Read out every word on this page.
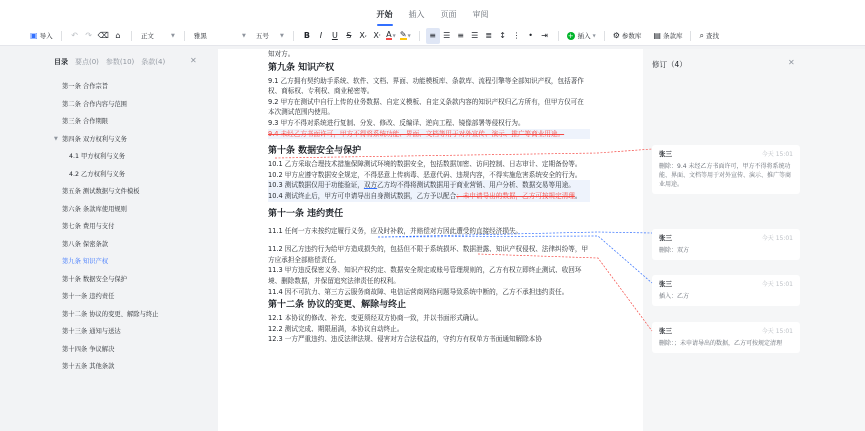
开始	插入	页面	审阅
▣ 导入 ↶ ↷ ⌫ ⌂	正文	▼	雅黑	▼ 五号 ▼ B I U S X ₂ X ² A ▼ ✎ ▼ ≡ ☰ ≡ ☰ ≣ ↕ ⋮ • ⇥	+ 插入 ▼ ⚙ 参数库 ▤ 条款库 ⌕ 查找
目录 要点(0) 参数(10) 条款(4)	✕
第一条 合作宗旨
第二条 合作内容与范围
第三条 合作期限
▼ 第四条 双方权利与义务
4.1 甲方权利与义务
4.2 乙方权利与义务
第五条 测试数据与文件模板
第六条 条款库使用规则
第七条 费用与支付
第八条 保密条款
第九条 知识产权
第十条 数据安全与保护
第十一条 违约责任
第十二条 协议的变更、解除与终止
第十三条 通知与送达
第十四条 争议解决
第十五条 其他条款

知对方。

第九条 知识产权

9.1 乙方拥有契约助手系统、软件、文档、界面、功能模板库、条款库、流程引擎等全部知识产权，包括著作权、商标权、专利权、商业秘密等。

9.2 甲方在测试中自行上传的业务数据、自定义模板、自定义条款内容的知识产权归乙方所有，但甲方仅可在本次测试范围内使用。

9.3 甲方不得对系统进行复制、分发、修改、反编译、逆向工程、镜像部署等侵权行为。

9.4 未经乙方书面许可，甲方不得将系统功能、界面、文档等用于对外宣传、演示、推广等商业用途。

第十条 数据安全与保护

10.1 乙方采取合理技术措施保障测试环境的数据安全，包括数据加密、访问控制、日志审计、定期备份等。

10.2 甲方应遵守数据安全规定，不得恶意上传病毒、恶意代码、违规内容，不得实施危害系统安全的行为。

10.3 测试数据仅用于功能验证，双方乙方均不得将测试数据用于商业营销、用户分析、数据交易等用途。

10.4 测试终止后，甲方可申请导出自身测试数据，乙方予以配合；未申请导出的数据，乙方可按规定清理。

第十一条 违约责任

11.1 任何一方未按约定履行义务，应及时补救，并赔偿对方因此遭受的直接经济损失。

11.2 因乙方违约行为给甲方造成损失的，包括但不限于系统损坏、数据泄露、知识产权侵权、法律纠纷等，甲方应承担全部赔偿责任。

11.3 甲方违反保密义务、知识产权约定、数据安全规定或账号管理规则的，乙方有权立即终止测试、收回环境、删除数据，并保留追究法律责任的权利。

11.4 因不可抗力、第三方云服务商故障、电信运营商网络问题导致系统中断的，乙方不承担违约责任。

第十二条 协议的变更、解除与终止

12.1 本协议的修改、补充、变更须经双方协商一致，并以书面形式确认。

12.2 测试完成、期限届满，本协议自动终止。

12.3 一方严重违约、违反法律法规、侵害对方合法权益的，守约方有权单方书面通知解除本协

修订（4）	✕
张三	今天 15:01
删除：9.4 未经乙方书面许可，甲方不得将系统功能、界面、文档等用于对外宣传、演示、推广等商业用途。
张三	今天 15:01
删除：双方
张三	今天 15:01
插入：乙方
张三	今天 15:01
删除：；未申请导出的数据，乙方可按规定清理
